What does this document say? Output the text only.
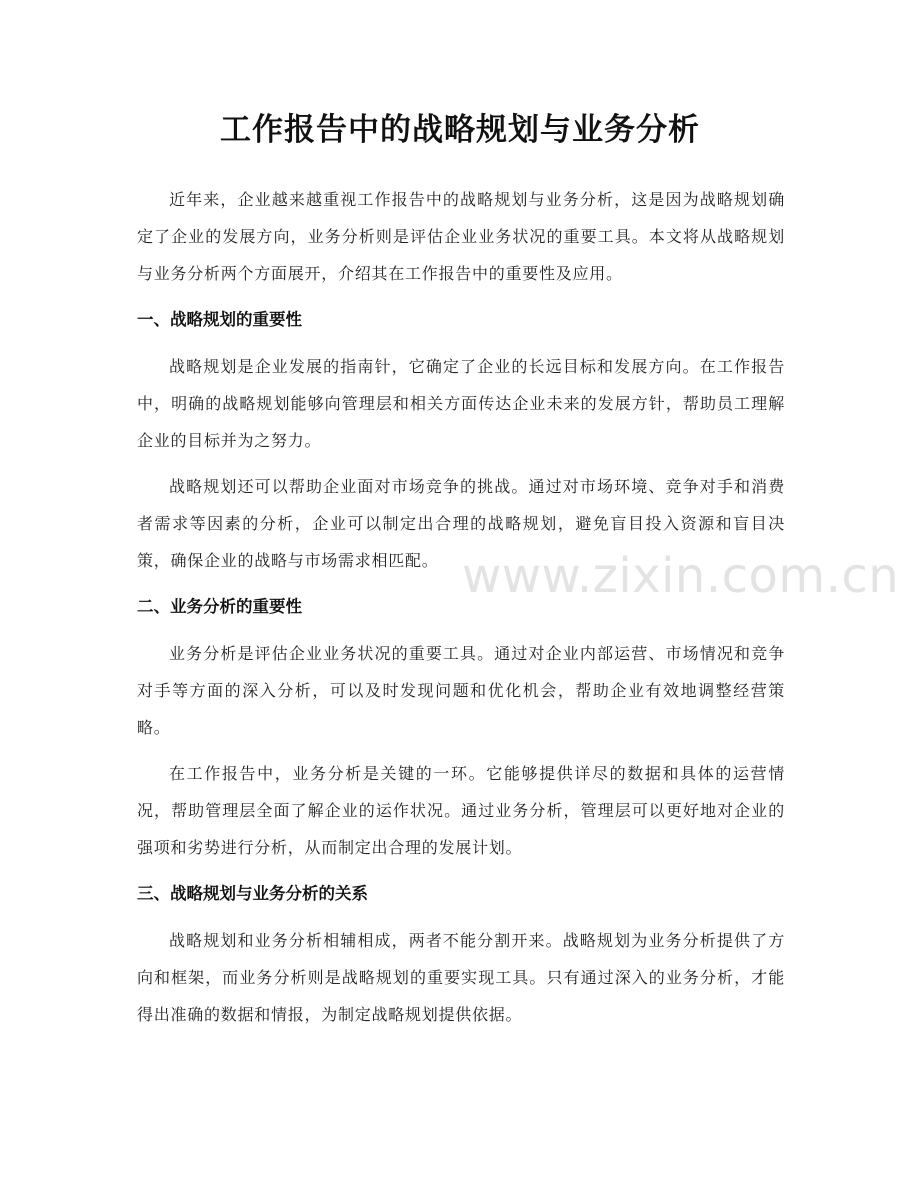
工作报告中的战略规划与业务分析

近年来，企业越来越重视工作报告中的战略规划与业务分析，这是因为战略规划确定了企业的发展方向，业务分析则是评估企业业务状况的重要工具。本文将从战略规划与业务分析两个方面展开，介绍其在工作报告中的重要性及应用。

一、战略规划的重要性

战略规划是企业发展的指南针，它确定了企业的长远目标和发展方向。在工作报告中，明确的战略规划能够向管理层和相关方面传达企业未来的发展方针，帮助员工理解企业的目标并为之努力。

战略规划还可以帮助企业面对市场竞争的挑战。通过对市场环境、竞争对手和消费者需求等因素的分析，企业可以制定出合理的战略规划，避免盲目投入资源和盲目决策，确保企业的战略与市场需求相匹配。

二、业务分析的重要性

业务分析是评估企业业务状况的重要工具。通过对企业内部运营、市场情况和竞争对手等方面的深入分析，可以及时发现问题和优化机会，帮助企业有效地调整经营策略。

在工作报告中，业务分析是关键的一环。它能够提供详尽的数据和具体的运营情况，帮助管理层全面了解企业的运作状况。通过业务分析，管理层可以更好地对企业的强项和劣势进行分析，从而制定出合理的发展计划。

三、战略规划与业务分析的关系

战略规划和业务分析相辅相成，两者不能分割开来。战略规划为业务分析提供了方向和框架，而业务分析则是战略规划的重要实现工具。只有通过深入的业务分析，才能得出准确的数据和情报，为制定战略规划提供依据。

www.zixin.com.cn
